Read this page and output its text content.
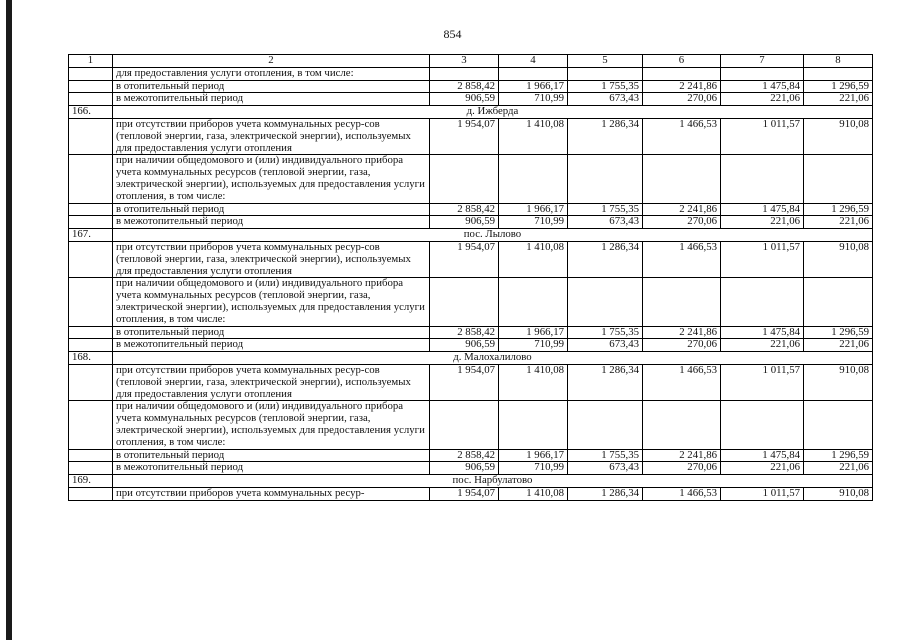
854
1	2	3	4	5	6	7	8
	для предоставления услуги отопления, в том числе:						
	в отопительный период	2 858,42	1 966,17	1 755,35	2 241,86	1 475,84	1 296,59
	в межотопительный период	906,59	710,99	673,43	270,06	221,06	221,06
166.	д. Ижберда						
	при отсутствии приборов учета коммунальных ресур-сов (тепловой энергии, газа, электрической энергии), используемых для предоставления услуги отопления	1 954,07	1 410,08	1 286,34	1 466,53	1 011,57	910,08
	при наличии общедомового и (или) индивидуального прибора учета коммунальных ресурсов (тепловой энергии, газа, электрической энергии), используемых для предоставления услуги отопления, в том числе:						
	в отопительный период	2 858,42	1 966,17	1 755,35	2 241,86	1 475,84	1 296,59
	в межотопительный период	906,59	710,99	673,43	270,06	221,06	221,06
167.	пос. Лылово						
	при отсутствии приборов учета коммунальных ресур-сов (тепловой энергии, газа, электрической энергии), используемых для предоставления услуги отопления	1 954,07	1 410,08	1 286,34	1 466,53	1 011,57	910,08
	при наличии общедомового и (или) индивидуального прибора учета коммунальных ресурсов (тепловой энергии, газа, электрической энергии), используемых для предоставления услуги отопления, в том числе:						
	в отопительный период	2 858,42	1 966,17	1 755,35	2 241,86	1 475,84	1 296,59
	в межотопительный период	906,59	710,99	673,43	270,06	221,06	221,06
168.	д. Малохалилово						
	при отсутствии приборов учета коммунальных ресур-сов (тепловой энергии, газа, электрической энергии), используемых для предоставления услуги отопления	1 954,07	1 410,08	1 286,34	1 466,53	1 011,57	910,08
	при наличии общедомового и (или) индивидуального прибора учета коммунальных ресурсов (тепловой энергии, газа, электрической энергии), используемых для предоставления услуги отопления, в том числе:						
	в отопительный период	2 858,42	1 966,17	1 755,35	2 241,86	1 475,84	1 296,59
	в межотопительный период	906,59	710,99	673,43	270,06	221,06	221,06
169.	пос. Нарбулатово						
	при отсутствии приборов учета коммунальных ресур-	1 954,07	1 410,08	1 286,34	1 466,53	1 011,57	910,08
